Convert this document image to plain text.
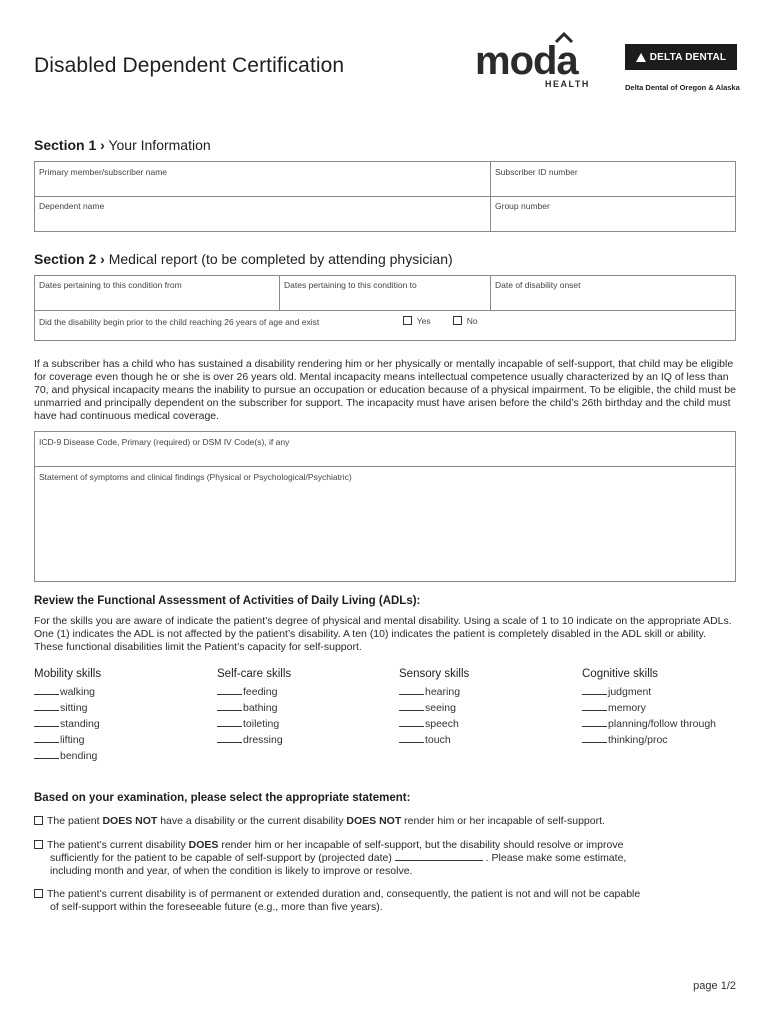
Disabled Dependent Certification	moda
HEALTH
DELTA DENTAL
Delta Dental of Oregon & Alaska
Section 1 › Your Information
Primary member/subscriber name	Subscriber ID number
Dependent name	Group number
Section 2 › Medical report (to be completed by attending physician)
Dates pertaining to this condition from	Dates pertaining to this condition to	Date of disability onset
Did the disability begin prior to the child reaching 26 years of age and exist	Yes	No
If a subscriber has a child who has sustained a disability rendering him or her physically or mentally incapable of self-support, that child may be eligible for coverage even though he or she is over 26 years old. Mental incapacity means intellectual competence usually characterized by an IQ of less than 70, and physical incapacity means the inability to pursue an occupation or education because of a physical impairment. To be eligible, the child must be unmarried and principally dependent on the subscriber for support. The incapacity must have arisen before the child’s 26th birthday and the child must have had continuous medical coverage.
ICD-9 Disease Code, Primary (required) or DSM IV Code(s), if any
Statement of symptoms and clinical findings (Physical or Psychological/Psychiatric)
Review the Functional Assessment of Activities of Daily Living (ADLs):
For the skills you are aware of indicate the patient’s degree of physical and mental disability. Using a scale of 1 to 10 indicate on the appropriate ADLs. One (1) indicates the ADL is not affected by the patient’s disability. A ten (10) indicates the patient is completely disabled in the ADL skill or ability. These functional disabilities limit the Patient’s capacity for self-support.
Mobility skills
walking
sitting
standing
lifting
bending
Self-care skills
feeding
bathing
toileting
dressing
Sensory skills
hearing
seeing
speech
touch
Cognitive skills
judgment
memory
planning/follow through
thinking/proc
Based on your examination, please select the appropriate statement:
The patient DOES NOT have a disability or the current disability DOES NOT render him or her incapable of self-support.
The patient’s current disability DOES render him or her incapable of self-support, but the disability should resolve or improve
sufficiently for the patient to be capable of self-support by (projected date)	. Please make some estimate,
including month and year, of when the condition is likely to improve or resolve.
The patient’s current disability is of permanent or extended duration and, consequently, the patient is not and will not be capable
of self-support within the foreseeable future (e.g., more than five years).
page 1/2
